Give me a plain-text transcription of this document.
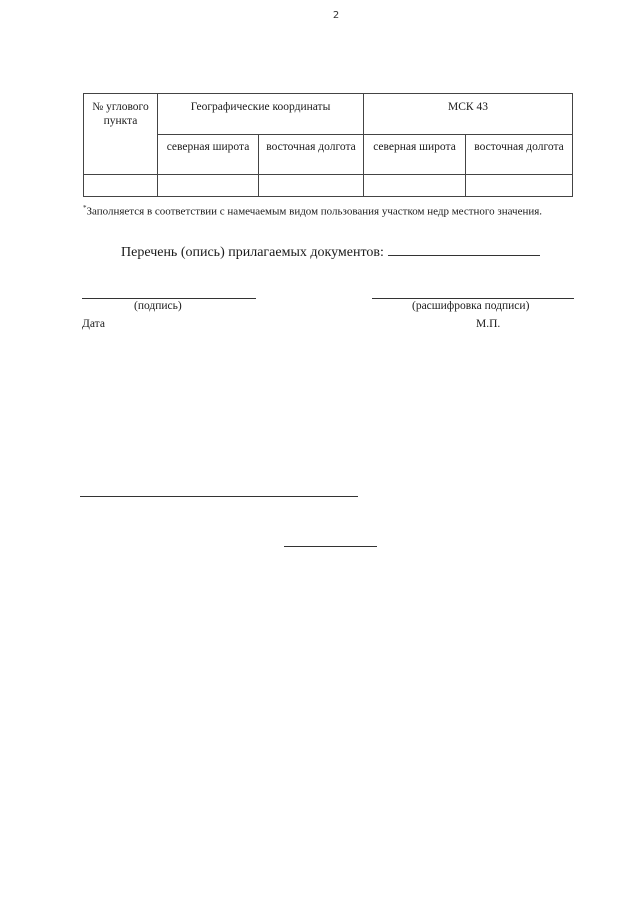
2
№ углового пункта	Географические координаты		МСК 43	
	северная широта	восточная долгота	северная широта	восточная долгота

*Заполняется в соответствии с намечаемым видом пользования участком недр местного значения.
Перечень (опись) прилагаемых документов:
(подпись)	(расшифровка подписи)
Дата	М.П.
